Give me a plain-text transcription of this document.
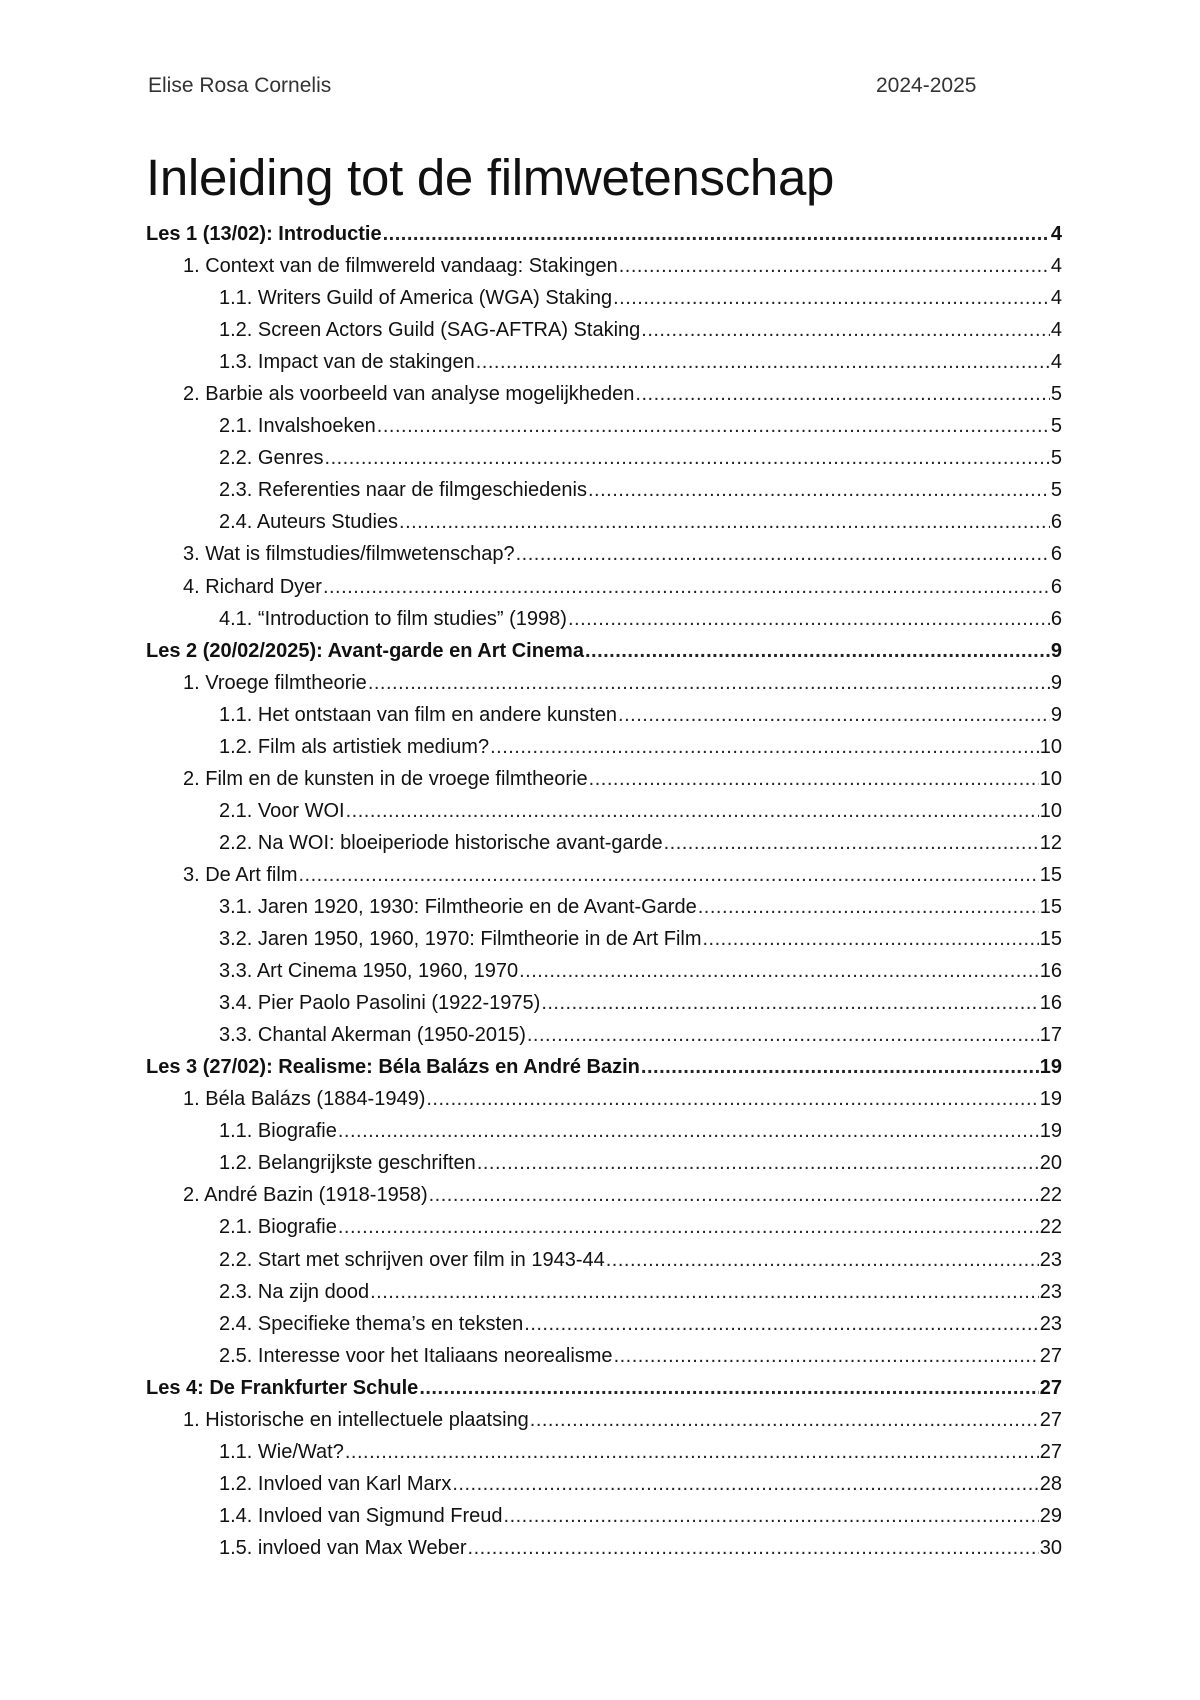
Elise Rosa Cornelis	2024-2025
Inleiding tot de filmwetenschap
Les 1 (13/02): Introductie .....	4
1. Context van de filmwereld vandaag: Stakingen .....	4
1.1. Writers Guild of America (WGA) Staking .....	4
1.2. Screen Actors Guild (SAG-AFTRA) Staking .....	4
1.3. Impact van de stakingen .....	4
2. Barbie als voorbeeld van analyse mogelijkheden .....	5
2.1. Invalshoeken .....	5
2.2. Genres .....	5
2.3. Referenties naar de filmgeschiedenis .....	5
2.4. Auteurs Studies .....	6
3. Wat is filmstudies/filmwetenschap? .....	6
4. Richard Dyer .....	6
4.1. “Introduction to film studies” (1998) .....	6
Les 2 (20/02/2025): Avant-garde en Art Cinema .....	9
1. Vroege filmtheorie .....	9
1.1. Het ontstaan van film en andere kunsten .....	9
1.2. Film als artistiek medium? .....	10
2. Film en de kunsten in de vroege filmtheorie .....	10
2.1. Voor WOI .....	10
2.2. Na WOI: bloeiperiode historische avant-garde .....	12
3. De Art film .....	15
3.1. Jaren 1920, 1930: Filmtheorie en de Avant-Garde .....	15
3.2. Jaren 1950, 1960, 1970: Filmtheorie in de Art Film .....	15
3.3. Art Cinema 1950, 1960, 1970 .....	16
3.4. Pier Paolo Pasolini (1922-1975) .....	16
3.3. Chantal Akerman (1950-2015) .....	17
Les 3 (27/02): Realisme: Béla Balázs en André Bazin .....	19
1. Béla Balázs (1884-1949) .....	19
1.1. Biografie .....	19
1.2. Belangrijkste geschriften .....	20
2. André Bazin (1918-1958) .....	22
2.1. Biografie .....	22
2.2. Start met schrijven over film in 1943-44 .....	23
2.3. Na zijn dood .....	23
2.4. Specifieke thema’s en teksten .....	23
2.5. Interesse voor het Italiaans neorealisme .....	27
Les 4: De Frankfurter Schule .....	27
1. Historische en intellectuele plaatsing .....	27
1.1. Wie/Wat? .....	27
1.2. Invloed van Karl Marx .....	28
1.4. Invloed van Sigmund Freud .....	29
1.5. invloed van Max Weber .....	30
